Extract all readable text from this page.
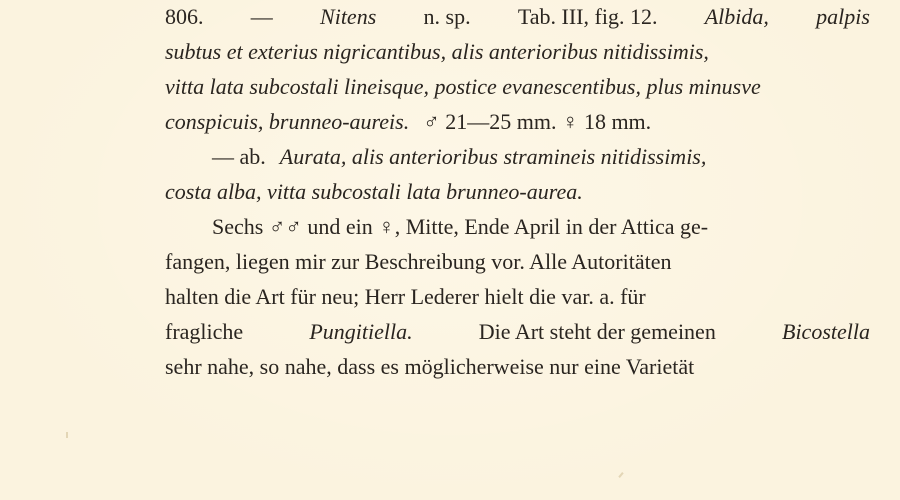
806. — Nitens n. sp. Tab. III, fig. 12. Albida, palpis
subtus et exterius nigricantibus, alis anterioribus nitidissimis,
vitta lata subcostali lineisque, postice evanescentibus, plus minusve
conspicuis, brunneo-aureis. ♂ 21—25 mm. ♀ 18 mm.
— ab. Aurata, alis anterioribus stramineis nitidissimis,
costa alba, vitta subcostali lata brunneo-aurea.
Sechs ♂♂ und ein ♀, Mitte, Ende April in der Attica ge-
fangen, liegen mir zur Beschreibung vor. Alle Autoritäten
halten die Art für neu; Herr Lederer hielt die var. a. für
fragliche	Pungitiella.	Die Art steht der gemeinen	Bicostella
sehr nahe, so nahe, dass es möglicherweise nur eine Varietät
